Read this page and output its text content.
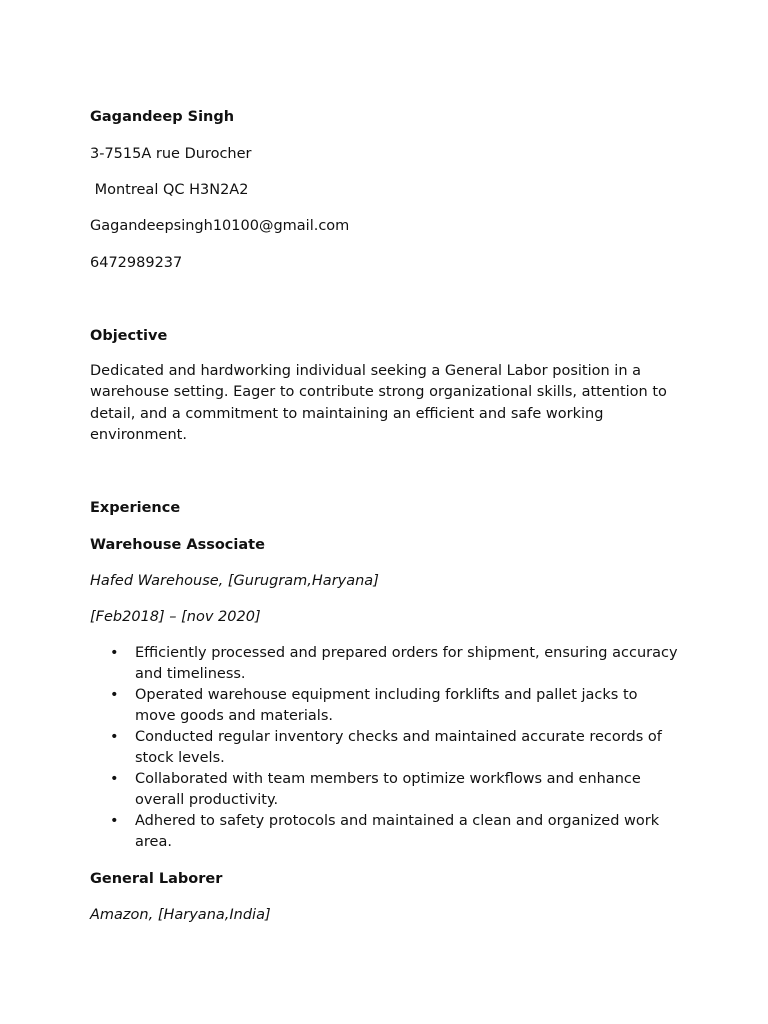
Gagandeep Singh
3-7515A rue Durocher
Montreal QC H3N2A2
Gagandeepsingh10100@gmail.com
6472989237
Objective
Dedicated and hardworking individual seeking a General Labor position in a warehouse setting. Eager to contribute strong organizational skills, attention to detail, and a commitment to maintaining an efficient and safe working environment.
Experience
Warehouse Associate
Hafed Warehouse, [Gurugram,Haryana]
[Feb2018] – [nov 2020]
• Efficiently processed and prepared orders for shipment, ensuring accuracy and timeliness.
• Operated warehouse equipment including forklifts and pallet jacks to move goods and materials.
• Conducted regular inventory checks and maintained accurate records of stock levels.
• Collaborated with team members to optimize workflows and enhance overall productivity.
• Adhered to safety protocols and maintained a clean and organized work area.
General Laborer
Amazon, [Haryana,India]
